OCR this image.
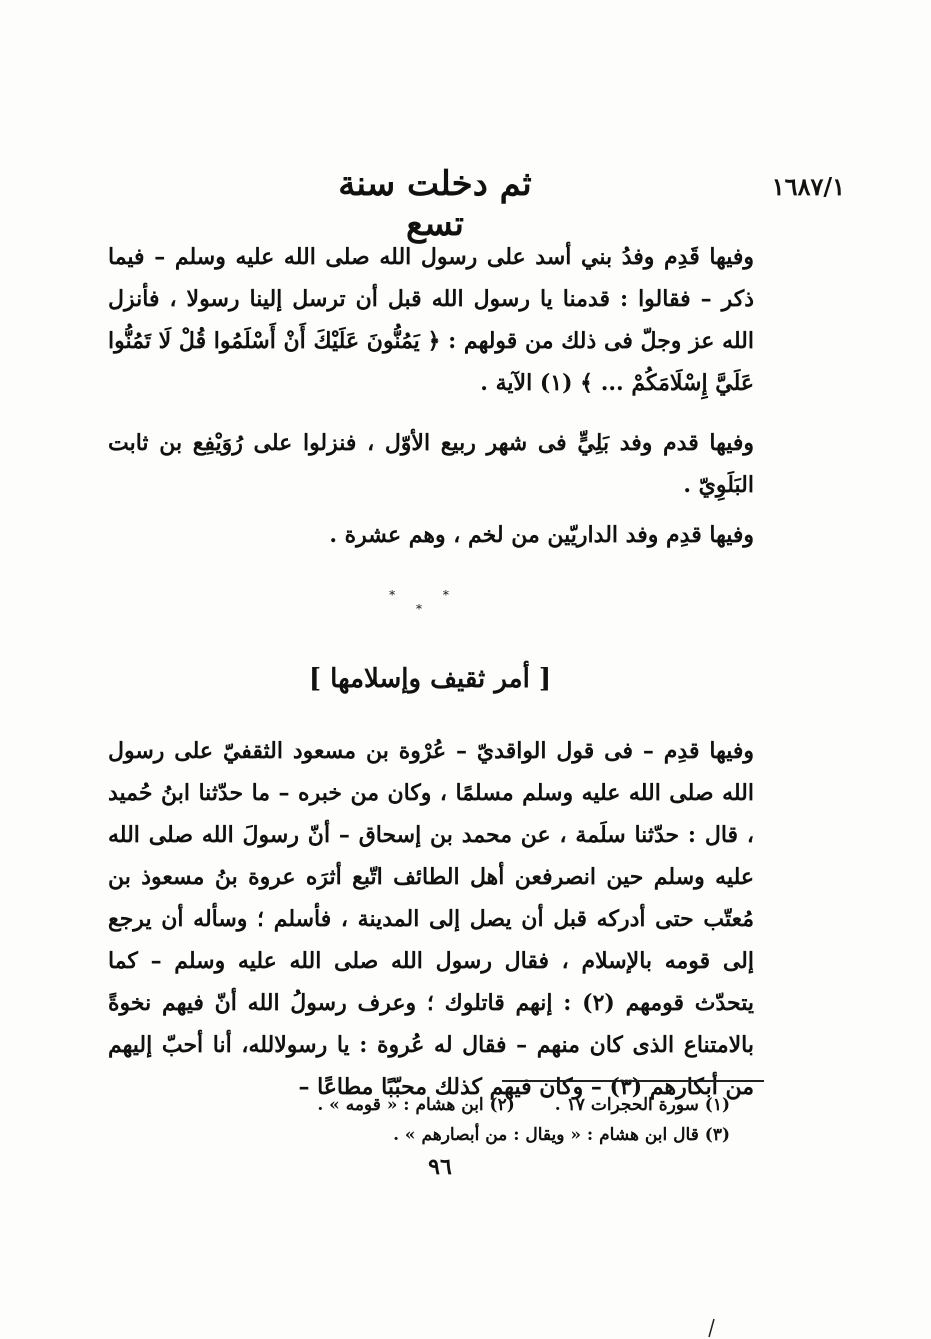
١٦٨٧/١
ثم دخلت سنة تسع
وفيها قَدِم وفدُ بني أسد على رسول الله صلى الله عليه وسلم – فيما ذكر – فقالوا : قدمنا يا رسول الله قبل أن ترسل إلينا رسولا ، فأنزل الله عز وجلّ فى ذلك من قولهم : ﴿ يَمُنُّونَ عَلَيْكَ أَنْ أَسْلَمُوا قُلْ لَا تَمُنُّوا عَلَيَّ إِسْلَامَكُمْ ... ﴾ (١) الآية .
وفيها قدم وفد بَلِيٍّ فى شهر ربيع الأوّل ، فنزلوا على رُوَيْفِع بن ثابت البَلَوِيّ .
وفيها قدِم وفد الداريّين من لخم ، وهم عشرة .
* * *
[ أمر ثقيف وإسلامها ]
وفيها قدِم – فى قول الواقديّ – عُرْوة بن مسعود الثقفيّ على رسول الله صلى الله عليه وسلم مسلمًا ، وكان من خبره – ما حدّثنا ابنُ حُميد ، قال : حدّثنا سلَمة ، عن محمد بن إسحاق – أنّ رسولَ الله صلى الله عليه وسلم حين انصرفعن أهل الطائف اتّبع أثرَه عروة بنُ مسعوذ بن مُعتّب حتى أدركه قبل أن يصل إلى المدينة ، فأسلم ؛ وسأله أن يرجع إلى قومه بالإسلام ، فقال رسول الله صلى الله عليه وسلم – كما يتحدّث قومهم (٢) : إنهم قاتلوك ؛ وعرف رسولُ الله أنّ فيهم نخوةً بالامتناع الذى كان منهم – فقال له عُروة : يا رسولالله، أنا أحبّ إليهم من أبكارهم (٣) – وكان فيهم كذلك محبّبًا مطاعًا –
(١) سورة الحجرات ١٧ .
(٢) ابن هشام : « قومه » .
(٣) قال ابن هشام : « ويقال : من أبصارهم » .
٩٦
